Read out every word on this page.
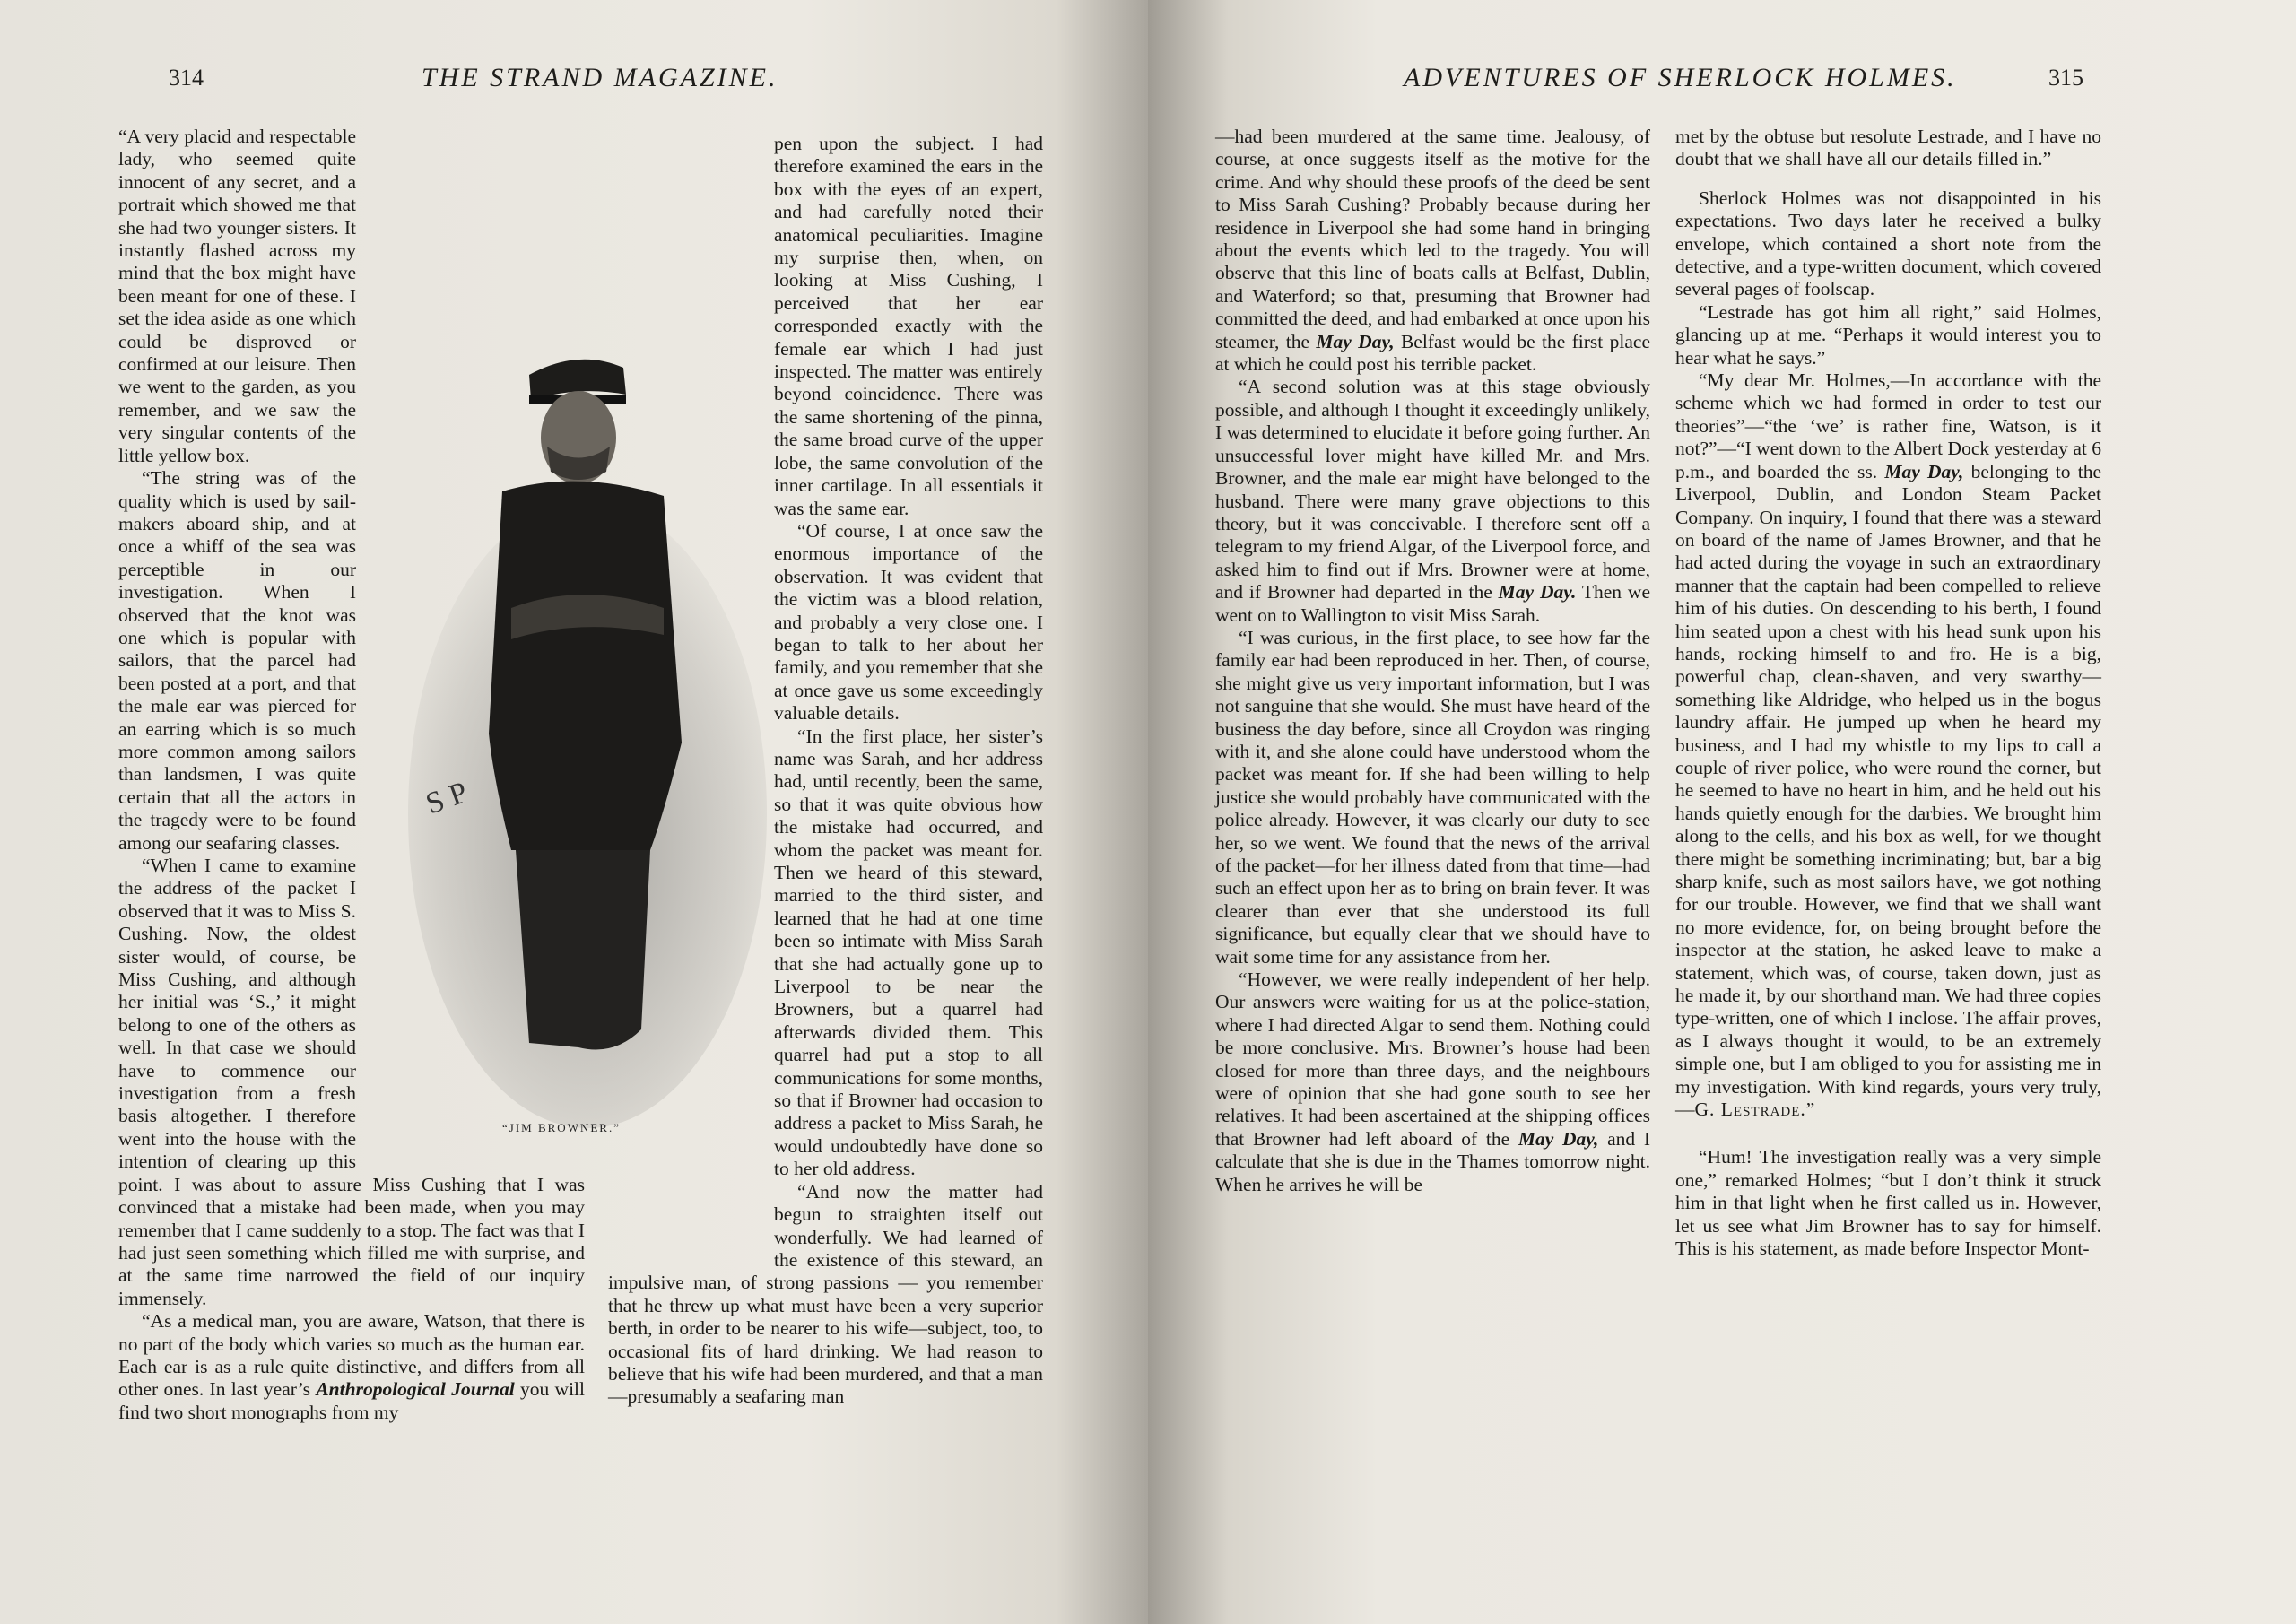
314	THE STRAND MAGAZINE.

“A very placid and respectable lady, who seemed quite innocent of any secret, and a portrait which showed me that she had two younger sisters. It instantly flashed across my mind that the box might have been meant for one of these. I set the idea aside as one which could be disproved or confirmed at our leisure. Then we went to the garden, as you remember, and we saw the very singular contents of the little yellow box.

“The string was of the quality which is used by sail-makers aboard ship, and at once a whiff of the sea was perceptible in our investigation. When I observed that the knot was one which is popular with sailors, that the parcel had been posted at a port, and that the male ear was pierced for an earring which is so much more common among sailors than landsmen, I was quite certain that all the actors in the tragedy were to be found among our seafaring classes.

“When I came to examine the address of the packet I observed that it was to Miss S. Cushing. Now, the oldest sister would, of course, be Miss Cushing, and although her initial was ‘S.,’ it might belong to one of the others as well. In that case we should have to commence our investigation from a fresh basis altogether. I therefore went into the house with the intention of clearing up this point. I was about to assure Miss Cushing that I was convinced that a mistake had been made, when you may remember that I came suddenly to a stop. The fact was that I had just seen something which filled me with surprise, and at the same time narrowed the field of our inquiry immensely.

“As a medical man, you are aware, Watson, that there is no part of the body which varies so much as the human ear. Each ear is as a rule quite distinctive, and differs from all other ones. In last year’s Anthropological Journal you will find two short monographs from my

pen upon the subject. I had therefore examined the ears in the box with the eyes of an expert, and had carefully noted their anatomical peculiarities. Imagine my surprise then, when, on looking at Miss Cushing, I perceived that her ear corresponded exactly with the female ear which I had just inspected. The matter was entirely beyond coincidence. There was the same shortening of the pinna, the same broad curve of the upper lobe, the same convolution of the inner cartilage. In all essentials it was the same ear.

“Of course, I at once saw the enormous importance of the observation. It was evident that the victim was a blood relation, and probably a very close one. I began to talk to her about her family, and you remember that she at once gave us some exceedingly valuable details.

“In the first place, her sister’s name was Sarah, and her address had, until recently, been the same, so that it was quite obvious how the mistake had occurred, and whom the packet was meant for. Then we heard of this steward, married to the third sister, and learned that he had at one time been so intimate with Miss Sarah that she had actually gone up to Liverpool to be near the Browners, but a quarrel had afterwards divided them. This quarrel had put a stop to all communications for some months, so that if Browner had occasion to address a packet to Miss Sarah, he would undoubtedly have done so to her old address.

“And now the matter had begun to straighten itself out wonderfully. We had learned of the existence of this steward, an impulsive man, of strong passions — you remember that he threw up what must have been a very superior berth, in order to be nearer to his wife—subject, too, to occasional fits of hard drinking. We had reason to believe that his wife had been murdered, and that a man—presumably a seafaring man

S P
“JIM BROWNER.”
ADVENTURES OF SHERLOCK HOLMES.	315

—had been murdered at the same time. Jealousy, of course, at once suggests itself as the motive for the crime. And why should these proofs of the deed be sent to Miss Sarah Cushing? Probably because during her residence in Liverpool she had some hand in bringing about the events which led to the tragedy. You will observe that this line of boats calls at Belfast, Dublin, and Waterford; so that, presuming that Browner had committed the deed, and had embarked at once upon his steamer, the May Day, Belfast would be the first place at which he could post his terrible packet.

“A second solution was at this stage obviously possible, and although I thought it exceedingly unlikely, I was determined to elucidate it before going further. An unsuccessful lover might have killed Mr. and Mrs. Browner, and the male ear might have belonged to the husband. There were many grave objections to this theory, but it was conceivable. I therefore sent off a telegram to my friend Algar, of the Liverpool force, and asked him to find out if Mrs. Browner were at home, and if Browner had departed in the May Day. Then we went on to Wallington to visit Miss Sarah.

“I was curious, in the first place, to see how far the family ear had been reproduced in her. Then, of course, she might give us very important information, but I was not sanguine that she would. She must have heard of the business the day before, since all Croydon was ringing with it, and she alone could have understood whom the packet was meant for. If she had been willing to help justice she would probably have communicated with the police already. However, it was clearly our duty to see her, so we went. We found that the news of the arrival of the packet—for her illness dated from that time—had such an effect upon her as to bring on brain fever. It was clearer than ever that she understood its full significance, but equally clear that we should have to wait some time for any assistance from her.

“However, we were really independent of her help. Our answers were waiting for us at the police-station, where I had directed Algar to send them. Nothing could be more conclusive. Mrs. Browner’s house had been closed for more than three days, and the neighbours were of opinion that she had gone south to see her relatives. It had been ascertained at the shipping offices that Browner had left aboard of the May Day, and I calculate that she is due in the Thames tomorrow night. When he arrives he will be

met by the obtuse but resolute Lestrade, and I have no doubt that we shall have all our details filled in.”

Sherlock Holmes was not disappointed in his expectations. Two days later he received a bulky envelope, which contained a short note from the detective, and a type-written document, which covered several pages of foolscap.

“Lestrade has got him all right,” said Holmes, glancing up at me. “Perhaps it would interest you to hear what he says.”

“My dear Mr. Holmes,—In accordance with the scheme which we had formed in order to test our theories”—“the ‘we’ is rather fine, Watson, is it not?”—“I went down to the Albert Dock yesterday at 6 p.m., and boarded the ss. May Day, belonging to the Liverpool, Dublin, and London Steam Packet Company. On inquiry, I found that there was a steward on board of the name of James Browner, and that he had acted during the voyage in such an extraordinary manner that the captain had been compelled to relieve him of his duties. On descending to his berth, I found him seated upon a chest with his head sunk upon his hands, rocking himself to and fro. He is a big, powerful chap, clean-shaven, and very swarthy—something like Aldridge, who helped us in the bogus laundry affair. He jumped up when he heard my business, and I had my whistle to my lips to call a couple of river police, who were round the corner, but he seemed to have no heart in him, and he held out his hands quietly enough for the darbies. We brought him along to the cells, and his box as well, for we thought there might be something incriminating; but, bar a big sharp knife, such as most sailors have, we got nothing for our trouble. However, we find that we shall want no more evidence, for, on being brought before the inspector at the station, he asked leave to make a statement, which was, of course, taken down, just as he made it, by our shorthand man. We had three copies type-written, one of which I inclose. The affair proves, as I always thought it would, to be an extremely simple one, but I am obliged to you for assisting me in my investigation. With kind regards, yours very truly,—G. Lestrade.”

“Hum! The investigation really was a very simple one,” remarked Holmes; “but I don’t think it struck him in that light when he first called us in. However, let us see what Jim Browner has to say for himself. This is his statement, as made before Inspector Mont-
